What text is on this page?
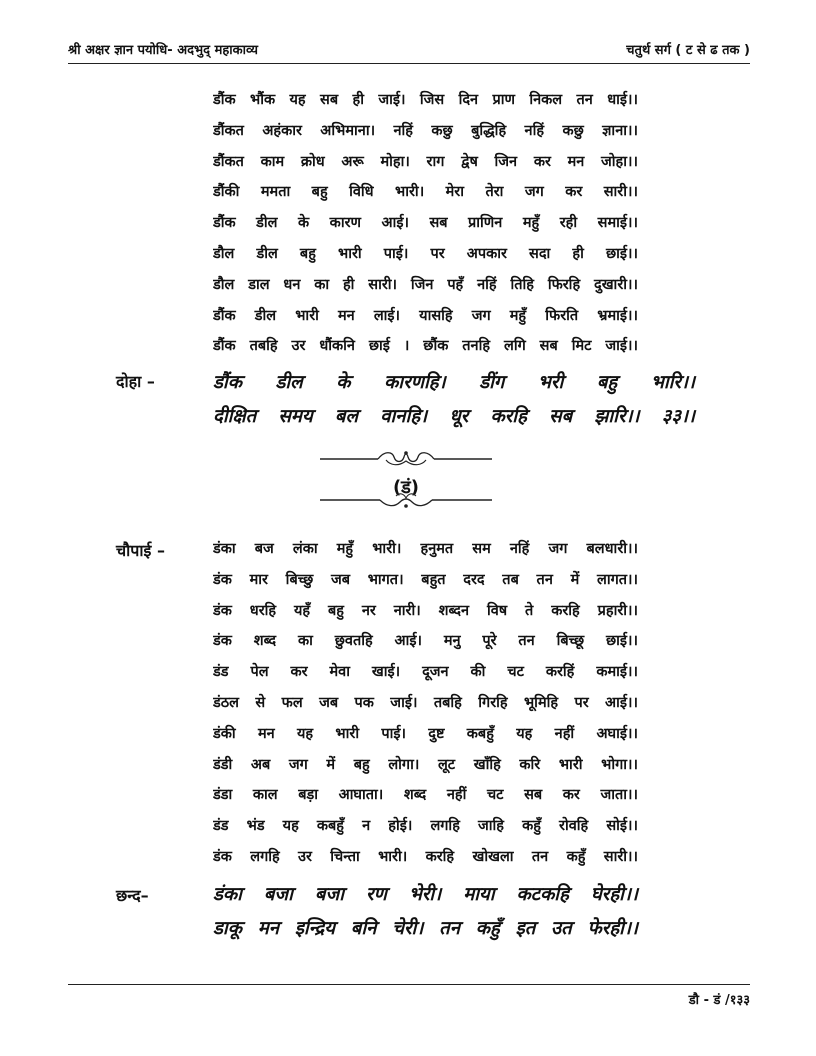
श्री अक्षर ज्ञान पयोधि- अदभुद् महाकाव्य	चतुर्थ सर्ग ( ट से ढ तक )
डौंक भौंक यह सब ही जाई। जिस दिन प्राण निकल तन धाई।।
डौंकत अहंकार अभिमाना। नहिं कछु बुद्धिहि नहिं कछु ज्ञाना।।
डौंकत काम क्रोध अरू मोहा। राग द्वेष जिन कर मन जोहा।।
डौंकी ममता बहु विधि भारी। मेरा तेरा जग कर सारी।।
डौंक डील के कारण आई। सब प्राणिन महुँ रही समाई।।
डौल डील बहु भारी पाई। पर अपकार सदा ही छाई।।
डौल डाल धन का ही सारी। जिन पहँ नहिं तिहि फिरहि दुखारी।।
डौंक डील भारी मन लाई। यासहि जग महुँ फिरति भ्रमाई।।
डौंक तबहि उर धौंकनि छाई । छौंक तनहि लगि सब मिट जाई।।
दोहा –	डौंक डील के कारणहि। डींग भरी बहु भारि।।
दीक्षित समय बल वानहि। धूर करहि सब झारि।। ३३।।
(डं)
चौपाई –	डंका बज लंका महुँ भारी। हनुमत सम नहिं जग बलधारी।।
डंक मार बिच्छु जब भागत। बहुत दरद तब तन में लागत।।
डंक धरहि यहँ बहु नर नारी। शब्दन विष ते करहि प्रहारी।।
डंक शब्द का छुवतहि आई। मनु पूरे तन बिच्छू छाई।।
डंड पेल कर मेवा खाई। दूजन की चट करहिं कमाई।।
डंठल से फल जब पक जाई। तबहि गिरहि भूमिहि पर आई।।
डंकी मन यह भारी पाई। दुष्ट कबहुँ यह नहीं अघाई।।
डंडी अब जग में बहु लोगा। लूट खाँहि करि भारी भोगा।।
डंडा काल बड़ा आघाता। शब्द नहीं चट सब कर जाता।।
डंड भंड यह कबहुँ न होई। लगहि जाहि कहुँ रोवहि सोई।।
डंक लगहि उर चिन्ता भारी। करहि खोखला तन कहुँ सारी।।
छन्द–	डंका बजा बजा रण भेरी। माया कटकहि घेरही।।
डाकू मन इन्द्रिय बनि चेरी। तन कहुँ इत उत फेरही।।
डौ - डं /१३३
